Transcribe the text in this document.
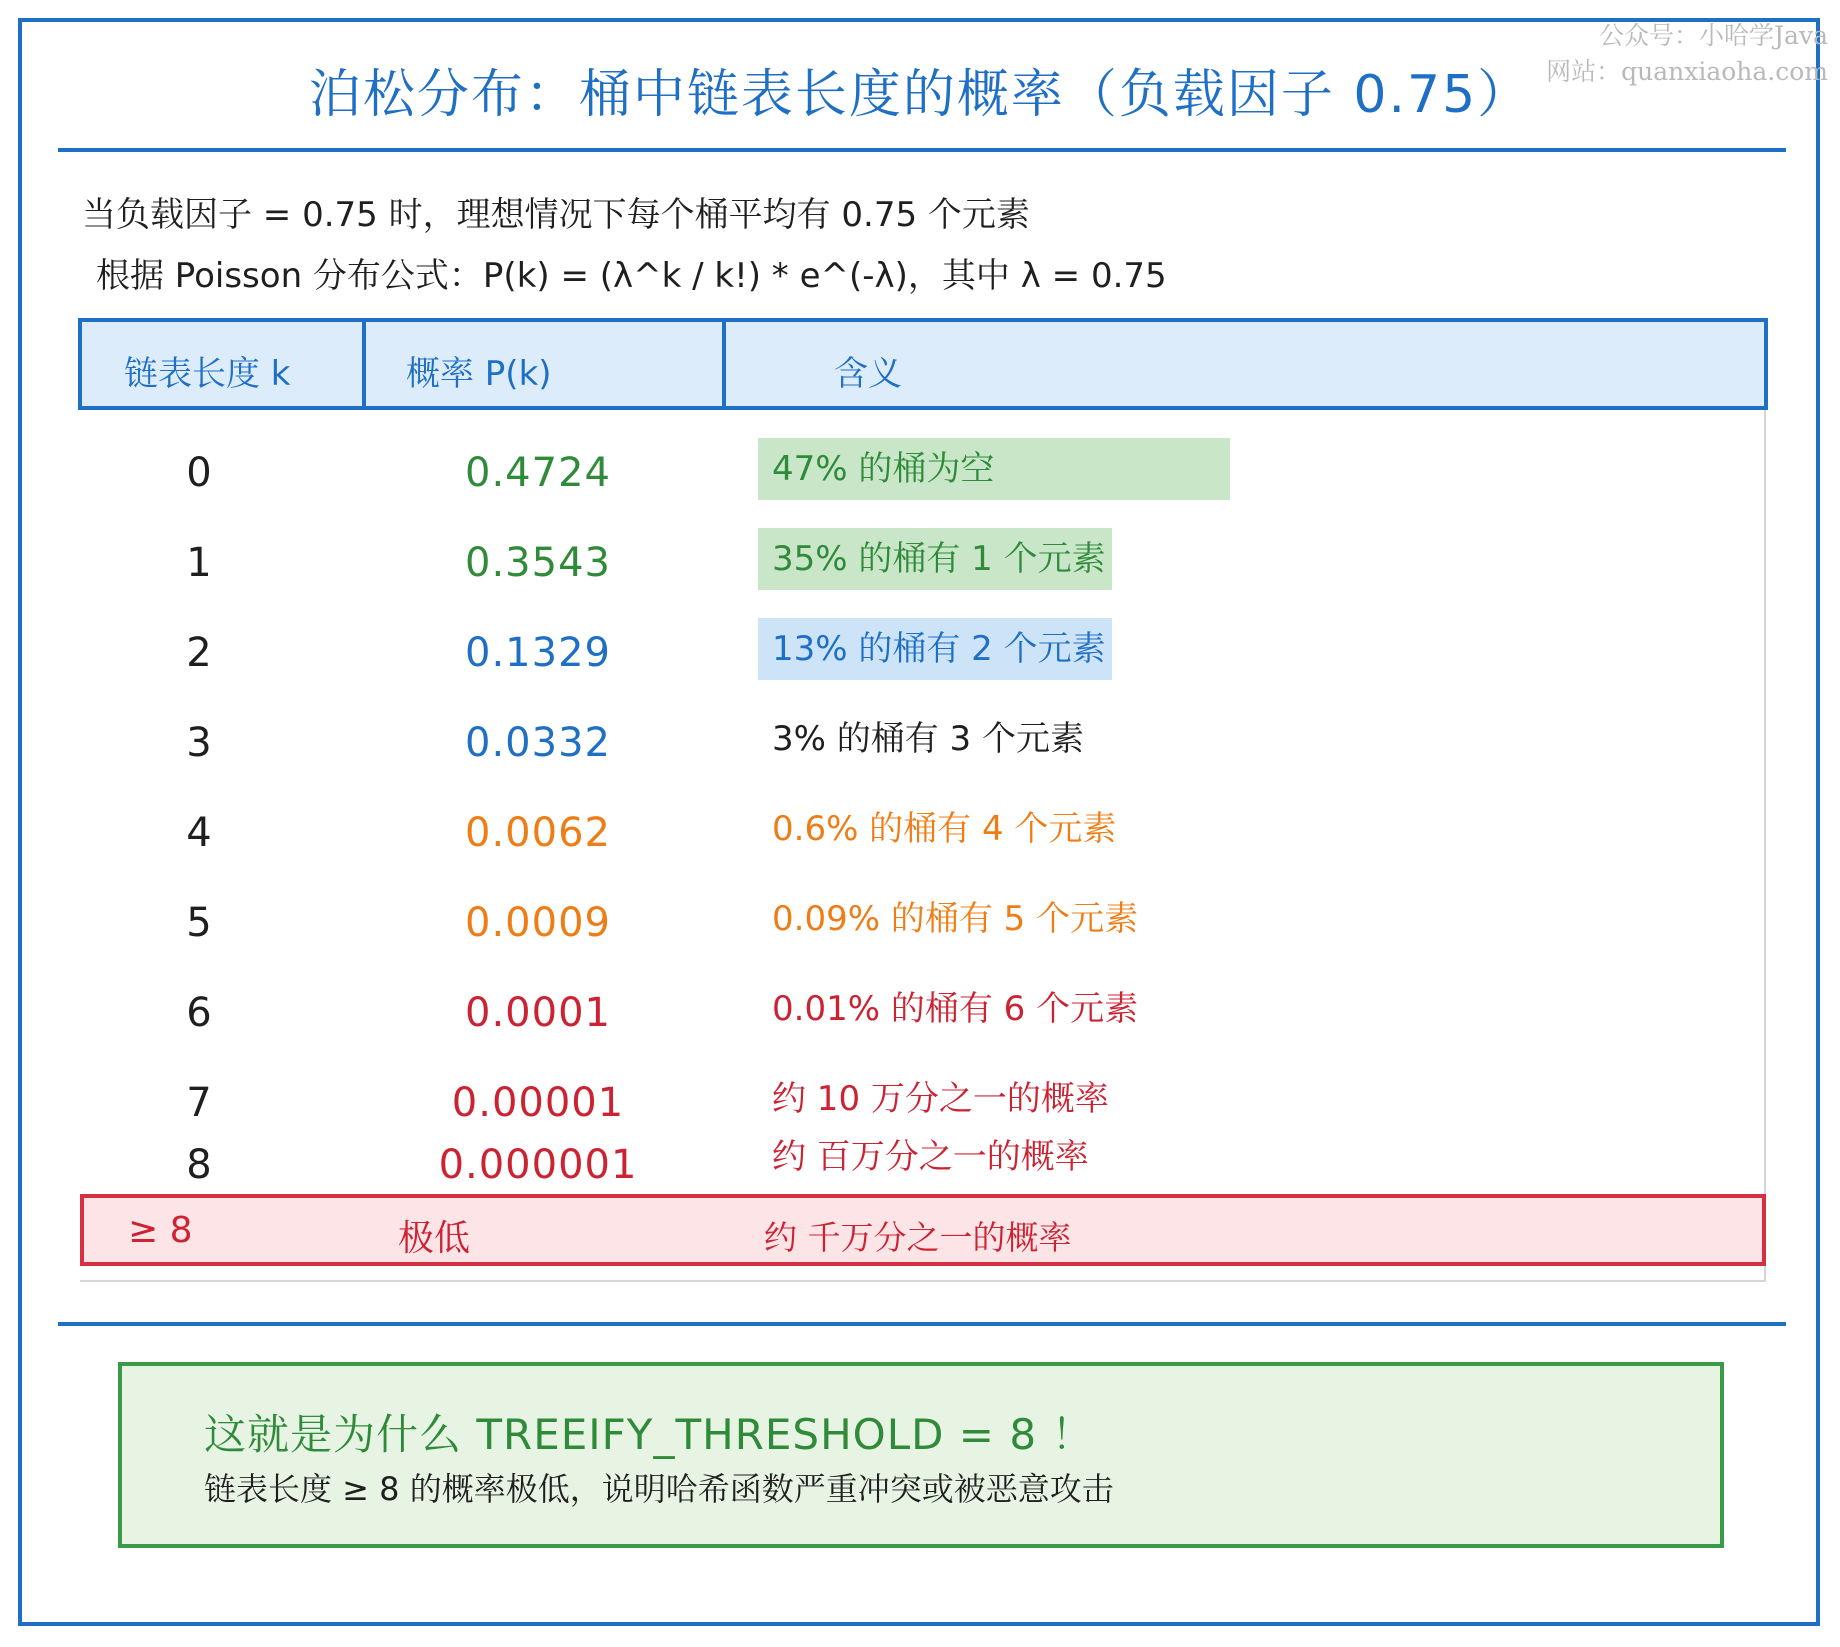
公众号：小哈学Java
网站：quanxiaoha.com
泊松分布：桶中链表长度的概率（负载因子 0.75）
当负载因子 = 0.75 时，理想情况下每个桶平均有 0.75 个元素
根据 Poisson 分布公式：P(k) = (λ^k / k!) * e^(-λ)，其中 λ = 0.75
链表长度 k	概率 P(k)	含义
0	0.4724	47% 的桶为空
1	0.3543	35% 的桶有 1 个元素
2	0.1329	13% 的桶有 2 个元素
3	0.0332	3% 的桶有 3 个元素
4	0.0062	0.6% 的桶有 4 个元素
5	0.0009	0.09% 的桶有 5 个元素
6	0.0001	0.01% 的桶有 6 个元素
7	0.00001	约 10 万分之一的概率
8	0.000001	约 百万分之一的概率
≥ 8	极低	约 千万分之一的概率
这就是为什么 TREEIFY_THRESHOLD = 8 ！
链表长度 ≥ 8 的概率极低，说明哈希函数严重冲突或被恶意攻击
